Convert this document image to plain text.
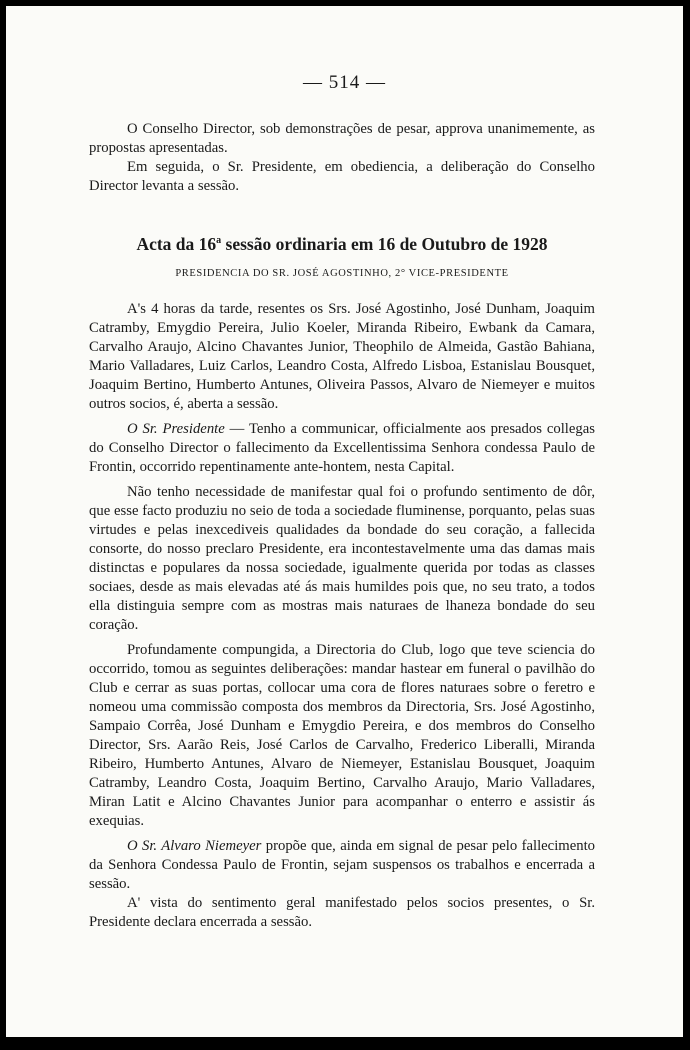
— 514 —

O Conselho Director, sob demonstrações de pesar, approva unanimemente, as propostas apresentadas.

Em seguida, o Sr. Presidente, em obediencia, a deliberação do Conselho Director levanta a sessão.

Acta da 16$^a$ sessão ordinaria em 16 de Outubro de 1928
PRESIDENCIA DO SR. JOSÉ AGOSTINHO, 2° VICE-PRESIDENTE

A's 4 horas da tarde, resentes os Srs. José Agostinho, José Dunham, Joaquim Catramby, Emygdio Pereira, Julio Koeler, Miranda Ribeiro, Ewbank da Camara, Carvalho Araujo, Alcino Chavantes Junior, Theophilo de Almeida, Gastão Bahiana, Mario Valladares, Luiz Carlos, Leandro Costa, Alfredo Lisboa, Estanislau Bousquet, Joaquim Bertino, Humberto Antunes, Oliveira Passos, Alvaro de Niemeyer e muitos outros socios, é, aberta a sessão.

O Sr. Presidente — Tenho a communicar, officialmente aos presados collegas do Conselho Director o fallecimento da Excellentissima Senhora condessa Paulo de Frontin, occorrido repentinamente ante-hontem, nesta Capital.

Não tenho necessidade de manifestar qual foi o profundo sentimento de dôr, que esse facto produziu no seio de toda a sociedade fluminense, porquanto, pelas suas virtudes e pelas inexcediveis qualidades da bondade do seu coração, a fallecida consorte, do nosso preclaro Presidente, era incontestavelmente uma das damas mais distinctas e populares da nossa sociedade, igualmente querida por todas as classes sociaes, desde as mais elevadas até ás mais humildes pois que, no seu trato, a todos ella distinguia sempre com as mostras mais naturaes de lhaneza bondade do seu coração.

Profundamente compungida, a Directoria do Club, logo que teve sciencia do occorrido, tomou as seguintes deliberações: mandar hastear em funeral o pavilhão do Club e cerrar as suas portas, collocar uma cora de flores naturaes sobre o feretro e nomeou uma commissão composta dos membros da Directoria, Srs. José Agostinho, Sampaio Corrêa, José Dunham e Emygdio Pereira, e dos membros do Conselho Director, Srs. Aarão Reis, José Carlos de Carvalho, Frederico Liberalli, Miranda Ribeiro, Humberto Antunes, Alvaro de Niemeyer, Estanislau Bousquet, Joaquim Catramby, Leandro Costa, Joaquim Bertino, Carvalho Araujo, Mario Valladares, Miran Latit e Alcino Chavantes Junior para acompanhar o enterro e assistir ás exequias.

O Sr. Alvaro Niemeyer propõe que, ainda em signal de pesar pelo fallecimento da Senhora Condessa Paulo de Frontin, sejam suspensos os trabalhos e encerrada a sessão.

A' vista do sentimento geral manifestado pelos socios presentes, o Sr. Presidente declara encerrada a sessão.
